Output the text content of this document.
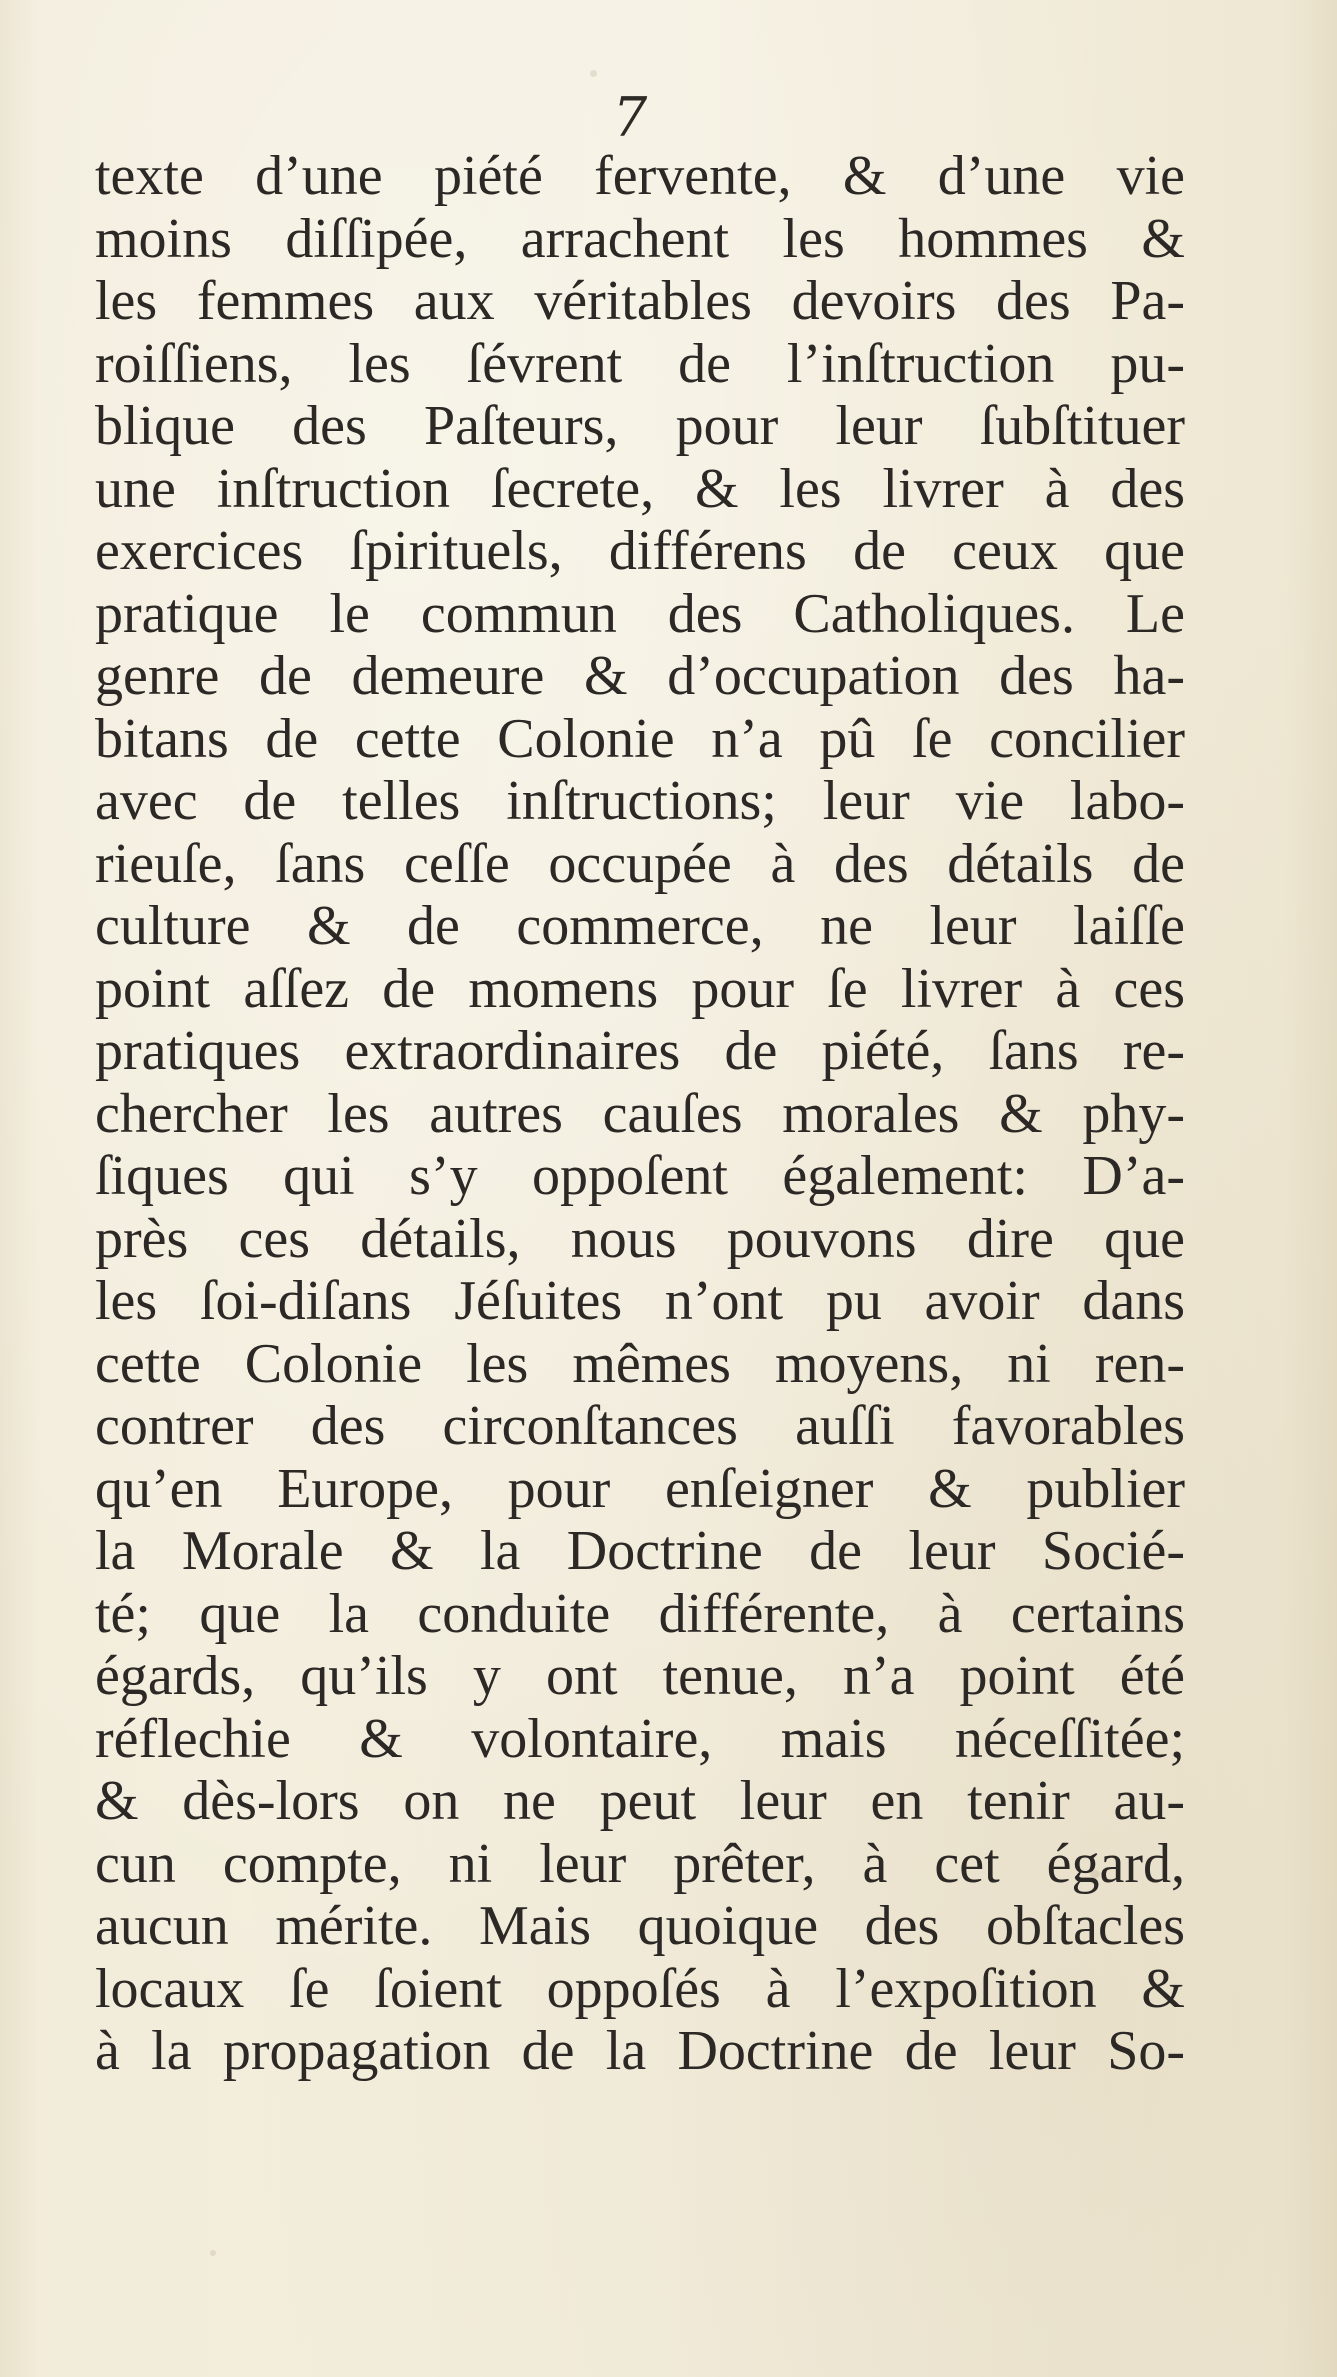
7
texte d’une piété fervente, & d’une vie
moins diſſipée, arrachent les hommes &
les femmes aux véritables devoirs des Pa-
roiſſiens, les ſévrent de l’inſtruction pu-
blique des Paſteurs, pour leur ſubſtituer
une inſtruction ſecrete, & les livrer à des
exercices ſpirituels, différens de ceux que
pratique le commun des Catholiques. Le
genre de demeure & d’occupation des ha-
bitans de cette Colonie n’a pû ſe concilier
avec de telles inſtructions; leur vie labo-
rieuſe, ſans ceſſe occupée à des détails de
culture & de commerce, ne leur laiſſe
point aſſez de momens pour ſe livrer à ces
pratiques extraordinaires de piété, ſans re-
chercher les autres cauſes morales & phy-
ſiques qui s’y oppoſent également: D’a-
près ces détails, nous pouvons dire que
les ſoi-diſans Jéſuites n’ont pu avoir dans
cette Colonie les mêmes moyens, ni ren-
contrer des circonſtances auſſi favorables
qu’en Europe, pour enſeigner & publier
la Morale & la Doctrine de leur Socié-
té; que la conduite différente, à certains
égards, qu’ils y ont tenue, n’a point été
réflechie & volontaire, mais néceſſitée;
& dès-lors on ne peut leur en tenir au-
cun compte, ni leur prêter, à cet égard,
aucun mérite. Mais quoique des obſtacles
locaux ſe ſoient oppoſés à l’expoſition &
à la propagation de la Doctrine de leur So-
